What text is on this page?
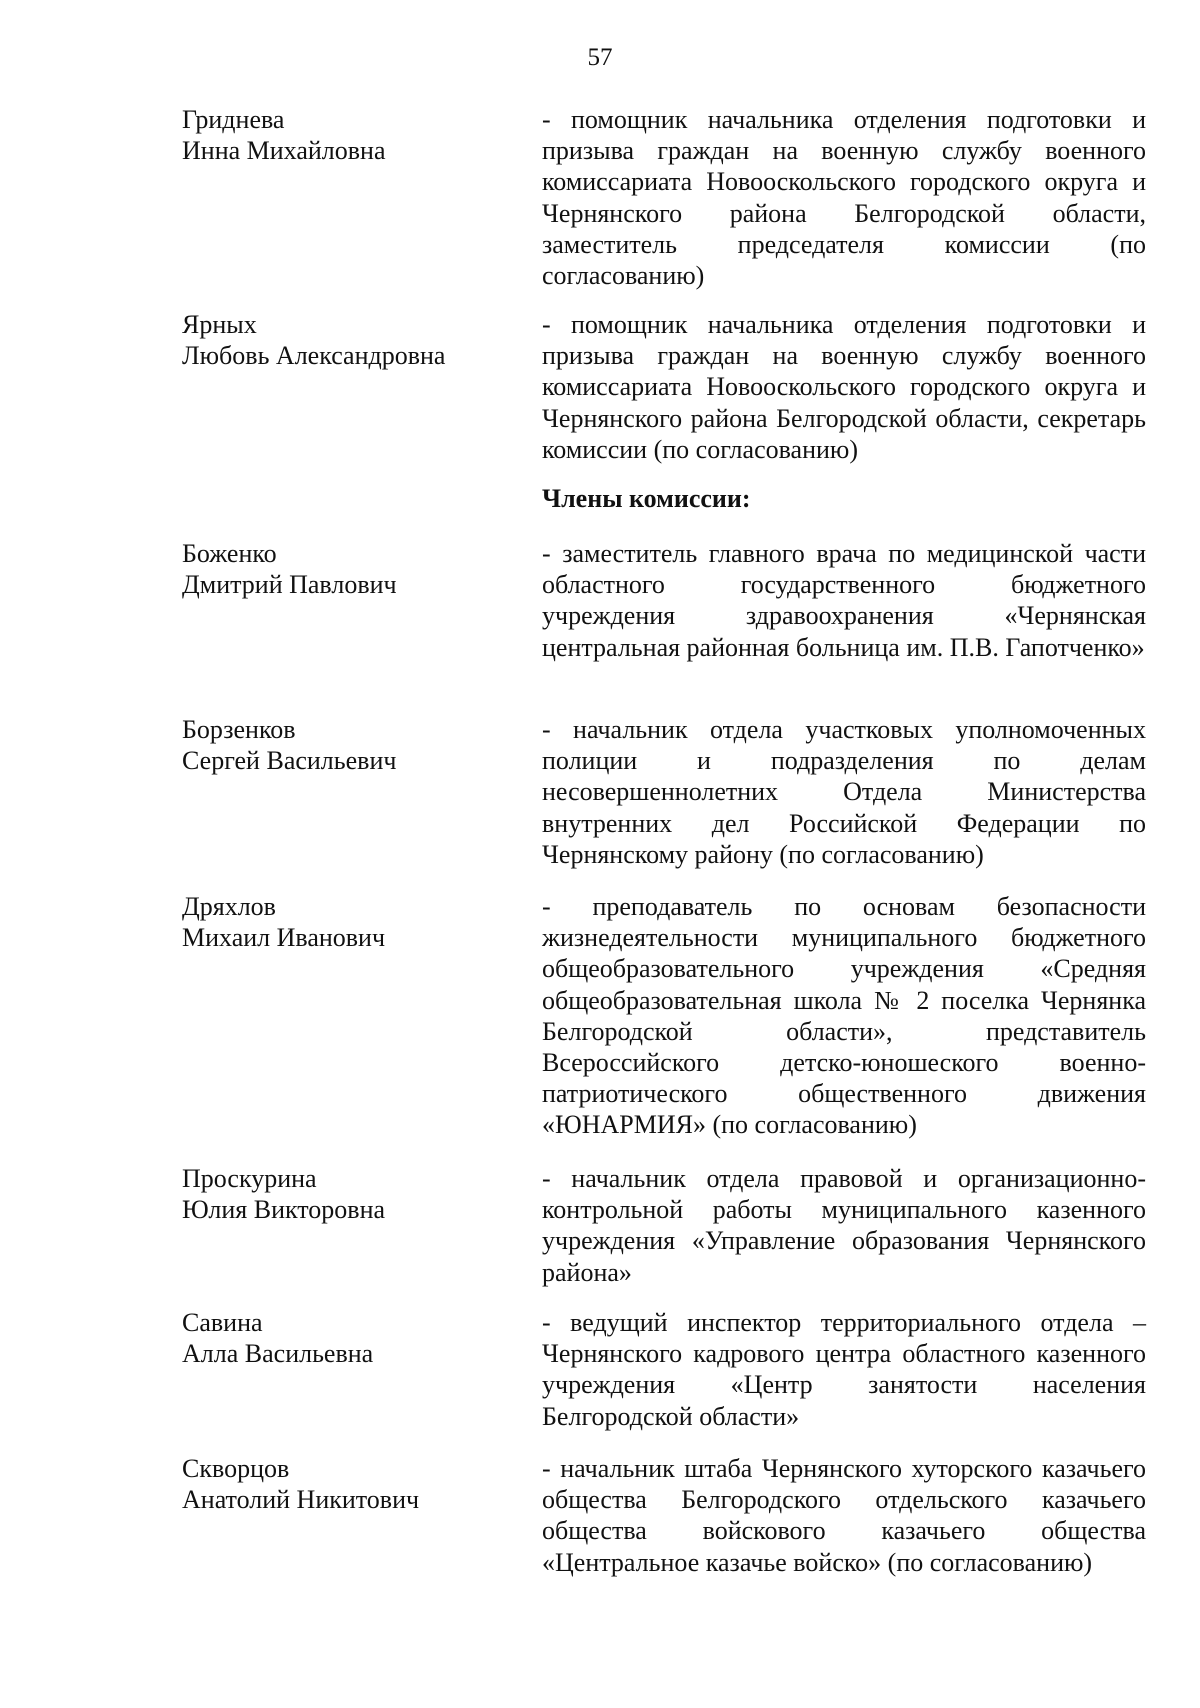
57
Гриднева
Инна Михайловна
- помощник начальника отделения подготовки и призыва граждан на военную службу военного комиссариата Новооскольского городского округа и Чернянского района Белгородской области, заместитель председателя комиссии (по согласованию)
Ярных
Любовь Александровна
- помощник начальника отделения подготовки и призыва граждан на военную службу военного комиссариата Новооскольского городского округа и Чернянского района Белгородской области, секретарь комиссии (по согласованию)
Члены комиссии:
Боженко
Дмитрий Павлович
- заместитель главного врача по медицинской части областного государственного бюджетного учреждения здравоохранения «Чернянская центральная районная больница им. П.В. Гапотченко»
Борзенков
Сергей Васильевич
- начальник отдела участковых уполномоченных полиции и подразделения по делам несовершеннолетних Отдела Министерства внутренних дел Российской Федерации по Чернянскому району (по согласованию)
Дряхлов
Михаил Иванович
- преподаватель по основам безопасности жизнедеятельности муниципального бюджетного общеобразовательного учреждения «Средняя общеобразовательная школа № 2 поселка Чернянка Белгородской области», представитель Всероссийского детско-юношеского военно-патриотического общественного движения «ЮНАРМИЯ» (по согласованию)
Проскурина
Юлия Викторовна
- начальник отдела правовой и организационно-контрольной работы муниципального казенного учреждения «Управление образования Чернянского района»
Савина
Алла Васильевна
- ведущий инспектор территориального отдела – Чернянского кадрового центра областного казенного учреждения «Центр занятости населения Белгородской области»
Скворцов
Анатолий Никитович
- начальник штаба Чернянского хуторского казачьего общества Белгородского отдельского казачьего общества войскового казачьего общества «Центральное казачье войско» (по согласованию)
